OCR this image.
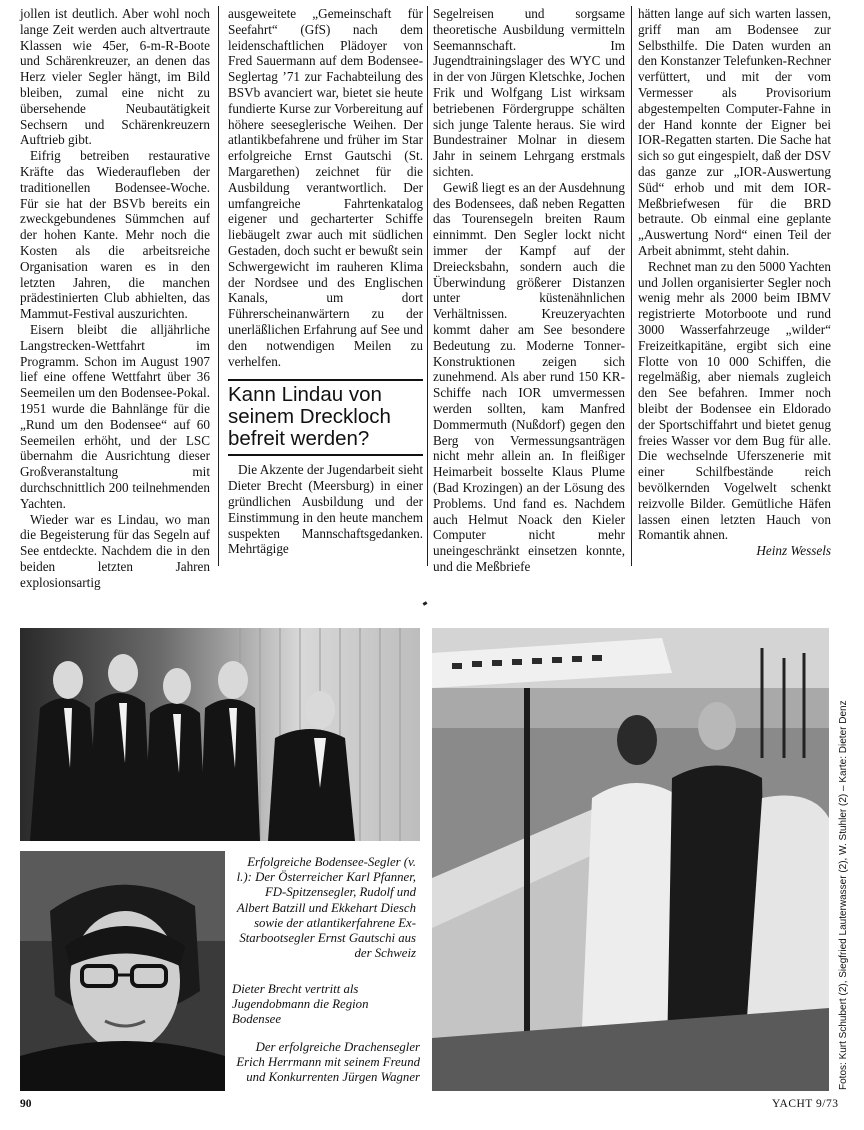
jollen ist deutlich. Aber wohl noch lange Zeit werden auch altvertraute Klassen wie 45er, 6-m-R-Boote und Schärenkreuzer, an denen das Herz vieler Segler hängt, im Bild bleiben, zumal eine nicht zu übersehende Neubautätigkeit Sechsern und Schärenkreuzern Auftrieb gibt.

Eifrig betreiben restaurative Kräfte das Wiederaufleben der traditionellen Bodensee-Woche. Für sie hat der BSVb bereits ein zweckgebundenes Sümmchen auf der hohen Kante. Mehr noch die Kosten als die arbeitsreiche Organisation waren es in den letzten Jahren, die manchen prädestinierten Club abhielten, das Mammut-Festival auszurichten.

Eisern bleibt die alljährliche Langstrecken-Wettfahrt im Programm. Schon im August 1907 lief eine offene Wettfahrt über 36 Seemeilen um den Bodensee-Pokal. 1951 wurde die Bahnlänge für die „Rund um den Bodensee“ auf 60 Seemeilen erhöht, und der LSC übernahm die Ausrichtung dieser Großveranstaltung mit durchschnittlich 200 teilnehmenden Yachten.

Wieder war es Lindau, wo man die Begeisterung für das Segeln auf See entdeckte. Nachdem die in den beiden letzten Jahren explosionsartig

ausgeweitete „Gemeinschaft für Seefahrt“ (GfS) nach dem leidenschaftlichen Plädoyer von Fred Sauermann auf dem Bodensee-Seglertag ’71 zur Fachabteilung des BSVb avanciert war, bietet sie heute fundierte Kurse zur Vorbereitung auf höhere seeseglerische Weihen. Der atlantikbefahrene und früher im Star erfolgreiche Ernst Gautschi (St. Margarethen) zeichnet für die Ausbildung verantwortlich. Der umfangreiche Fahrtenkatalog eigener und gecharterter Schiffe liebäugelt zwar auch mit südlichen Gestaden, doch sucht er bewußt sein Schwergewicht im rauheren Klima der Nordsee und des Englischen Kanals, um dort Führerscheinanwärtern zu der unerläßlichen Erfahrung auf See und den notwendigen Meilen zu verhelfen.

Kann Lindau von seinem Dreckloch befreit werden?

Die Akzente der Jugendarbeit sieht Dieter Brecht (Meersburg) in einer gründlichen Ausbildung und der Einstimmung in den heute manchem suspekten Mannschaftsgedanken. Mehrtägige

Segelreisen und sorgsame theoretische Ausbildung vermitteln Seemannschaft. Im Jugendtrainingslager des WYC und in der von Jürgen Kletschke, Jochen Frik und Wolfgang List wirksam betriebenen Fördergruppe schälten sich junge Talente heraus. Sie wird Bundestrainer Molnar in diesem Jahr in seinem Lehrgang erstmals sichten.

Gewiß liegt es an der Ausdehnung des Bodensees, daß neben Regatten das Tourensegeln breiten Raum einnimmt. Den Segler lockt nicht immer der Kampf auf der Dreiecksbahn, sondern auch die Überwindung größerer Distanzen unter küstenähnlichen Verhältnissen. Kreuzeryachten kommt daher am See besondere Bedeutung zu. Moderne Tonner-Konstruktionen zeigen sich zunehmend. Als aber rund 150 KR-Schiffe nach IOR umvermessen werden sollten, kam Manfred Dommermuth (Nußdorf) gegen den Berg von Vermessungsanträgen nicht mehr allein an. In fleißiger Heimarbeit bosselte Klaus Plume (Bad Krozingen) an der Lösung des Problems. Und fand es. Nachdem auch Helmut Noack den Kieler Computer nicht mehr uneingeschränkt einsetzen konnte, und die Meßbriefe

hätten lange auf sich warten lassen, griff man am Bodensee zur Selbsthilfe. Die Daten wurden an den Konstanzer Telefunken-Rechner verfüttert, und mit der vom Vermesser als Provisorium abgestempelten Computer-Fahne in der Hand konnte der Eigner bei IOR-Regatten starten. Die Sache hat sich so gut eingespielt, daß der DSV das ganze zur „IOR-Auswertung Süd“ erhob und mit dem IOR-Meßbriefwesen für die BRD betraute. Ob einmal eine geplante „Auswertung Nord“ einen Teil der Arbeit abnimmt, steht dahin.

Rechnet man zu den 5000 Yachten und Jollen organisierter Segler noch wenig mehr als 2000 beim IBMV registrierte Motorboote und rund 3000 Wasserfahrzeuge „wilder“ Freizeitkapitäne, ergibt sich eine Flotte von 10 000 Schiffen, die regelmäßig, aber niemals zugleich den See befahren. Immer noch bleibt der Bodensee ein Eldorado der Sportschiffahrt und bietet genug freies Wasser vor dem Bug für alle. Die wechselnde Uferszenerie mit einer Schilfbestände reich bevölkernden Vogelwelt schenkt reizvolle Bilder. Gemütliche Häfen lassen einen letzten Hauch von Romantik ahnen.

Heinz Wessels

Erfolgreiche Bodensee-Segler (v. l.): Der Österreicher Karl Pfanner, FD-Spitzensegler, Rudolf und Albert Batzill und Ekkehart Diesch sowie der atlantikerfahrene Ex-Starbootsegler Ernst Gautschi aus der Schweiz

Dieter Brecht vertritt als Jugendobmann die Region Bodensee

Der erfolgreiche Drachensegler Erich Herrmann mit seinem Freund und Konkurrenten Jürgen Wagner	Fotos: Kurt Schubert (2), Siegfried Lauterwasser (2), W. Stuhler (2) – Karte: Dieter Denz
90	YACHT 9/73
